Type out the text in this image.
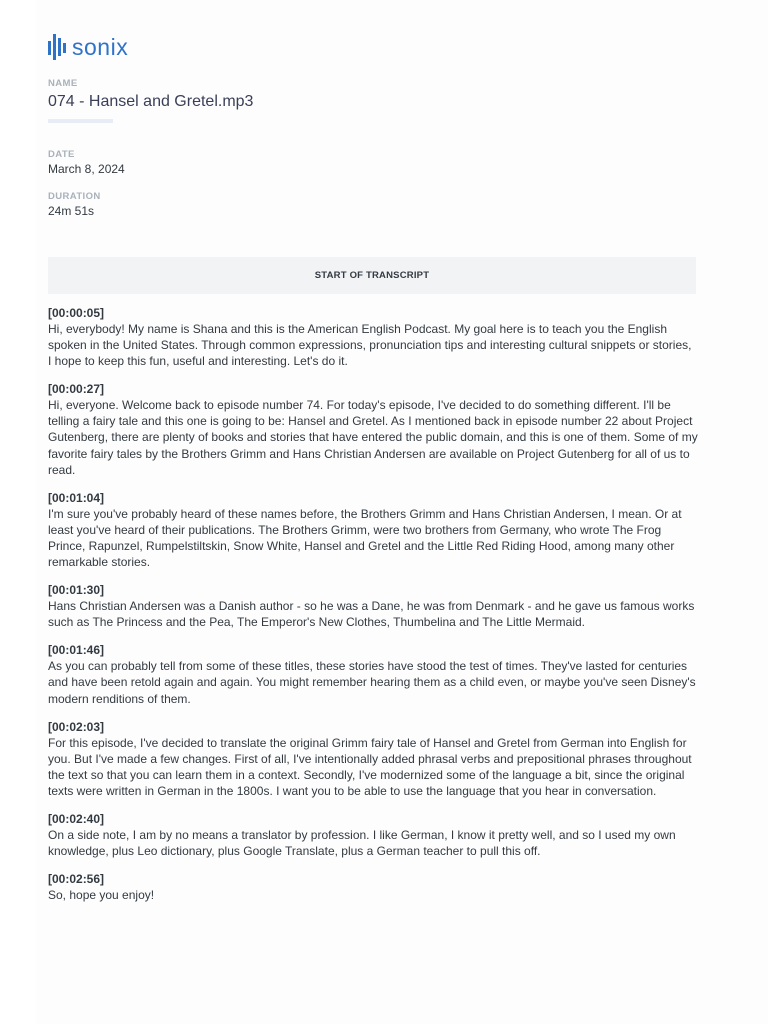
sonix
NAME
074 - Hansel and Gretel.mp3
DATE
March 8, 2024
DURATION
24m 51s
START OF TRANSCRIPT
[00:00:05]
Hi, everybody! My name is Shana and this is the American English Podcast. My goal here is to teach you the English spoken in the United States. Through common expressions, pronunciation tips and interesting cultural snippets or stories, I hope to keep this fun, useful and interesting. Let's do it.
[00:00:27]
Hi, everyone. Welcome back to episode number 74. For today's episode, I've decided to do something different. I'll be telling a fairy tale and this one is going to be: Hansel and Gretel. As I mentioned back in episode number 22 about Project Gutenberg, there are plenty of books and stories that have entered the public domain, and this is one of them. Some of my favorite fairy tales by the Brothers Grimm and Hans Christian Andersen are available on Project Gutenberg for all of us to read.
[00:01:04]
I'm sure you've probably heard of these names before, the Brothers Grimm and Hans Christian Andersen, I mean. Or at least you've heard of their publications. The Brothers Grimm, were two brothers from Germany, who wrote The Frog Prince, Rapunzel, Rumpelstiltskin, Snow White, Hansel and Gretel and the Little Red Riding Hood, among many other remarkable stories.
[00:01:30]
Hans Christian Andersen was a Danish author - so he was a Dane, he was from Denmark - and he gave us famous works such as The Princess and the Pea, The Emperor's New Clothes, Thumbelina and The Little Mermaid.
[00:01:46]
As you can probably tell from some of these titles, these stories have stood the test of times. They've lasted for centuries and have been retold again and again. You might remember hearing them as a child even, or maybe you've seen Disney's modern renditions of them.
[00:02:03]
For this episode, I've decided to translate the original Grimm fairy tale of Hansel and Gretel from German into English for you. But I've made a few changes. First of all, I've intentionally added phrasal verbs and prepositional phrases throughout the text so that you can learn them in a context. Secondly, I've modernized some of the language a bit, since the original texts were written in German in the 1800s. I want you to be able to use the language that you hear in conversation.
[00:02:40]
On a side note, I am by no means a translator by profession. I like German, I know it pretty well, and so I used my own knowledge, plus Leo dictionary, plus Google Translate, plus a German teacher to pull this off.
[00:02:56]
So, hope you enjoy!
